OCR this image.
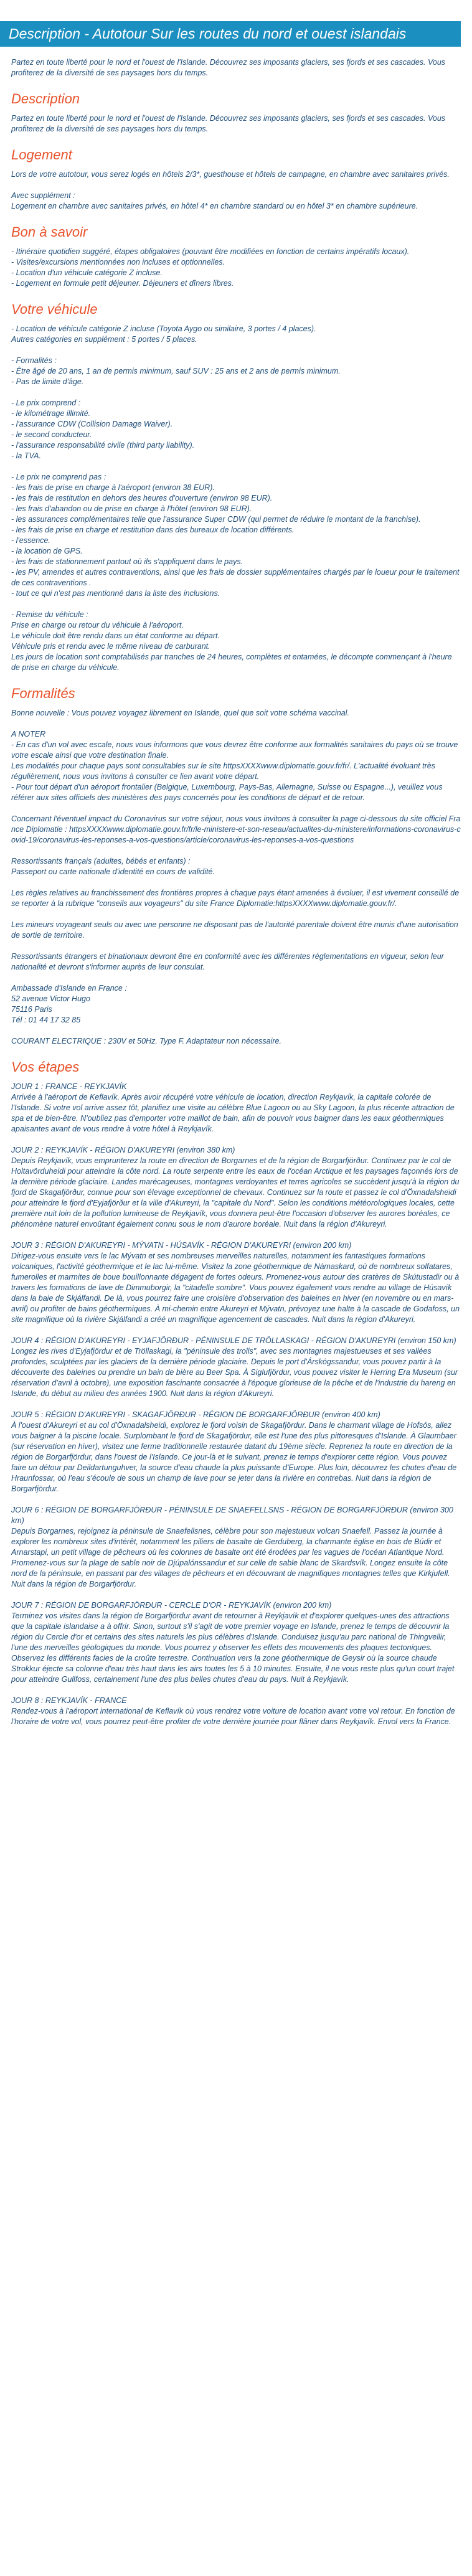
Description - Autotour Sur les routes du nord et ouest islandais

Partez en toute liberté pour le nord et l'ouest de l'Islande. Découvrez ses imposants glaciers, ses fjords et ses cascades. Vous profiterez de la diversité de ses paysages hors du temps.

Description

Partez en toute liberté pour le nord et l'ouest de l'Islande. Découvrez ses imposants glaciers, ses fjords et ses cascades. Vous profiterez de la diversité de ses paysages hors du temps.

Logement

Lors de votre autotour, vous serez logés en hôtels 2/3*, guesthouse et hôtels de campagne, en chambre avec sanitaires privés.

Avec supplément :
Logement en chambre avec sanitaires privés, en hôtel 4* en chambre standard ou en hôtel 3* en chambre supérieure.

Bon à savoir

- Itinéraire quotidien suggéré, étapes obligatoires (pouvant être modifiées en fonction de certains impératifs locaux).
- Visites/excursions mentionnées non incluses et optionnelles.
- Location d'un véhicule catégorie Z incluse.
- Logement en formule petit déjeuner. Déjeuners et dîners libres.

Votre véhicule

- Location de véhicule catégorie Z incluse (Toyota Aygo ou similaire, 3 portes / 4 places).
Autres catégories en supplément : 5 portes / 5 places.

- Formalités :
- Être âgé de 20 ans, 1 an de permis minimum, sauf SUV : 25 ans et 2 ans de permis minimum.
- Pas de limite d'âge.

- Le prix comprend :
- le kilométrage illimité.
- l'assurance CDW (Collision Damage Waiver).
- le second conducteur.
- l'assurance responsabilité civile (third party liability).
- la TVA.

- Le prix ne comprend pas :
- les frais de prise en charge à l'aéroport (environ 38 EUR).
- les frais de restitution en dehors des heures d'ouverture (environ 98 EUR).
- les frais d'abandon ou de prise en charge à l'hôtel (environ 98 EUR).
- les assurances complémentaires telle que l'assurance Super CDW (qui permet de réduire le montant de la franchise).
- les frais de prise en charge et restitution dans des bureaux de location différents.
- l'essence.
- la location de GPS.
- les frais de stationnement partout où ils s'appliquent dans le pays.
- les PV, amendes et autres contraventions, ainsi que les frais de dossier supplémentaires chargés par le loueur pour le traitement de ces contraventions .
- tout ce qui n'est pas mentionné dans la liste des inclusions.

- Remise du véhicule :
Prise en charge ou retour du véhicule à l'aéroport.
Le véhicule doit être rendu dans un état conforme au départ.
Véhicule pris et rendu avec le même niveau de carburant.
Les jours de location sont comptabilisés par tranches de 24 heures, complètes et entamées, le décompte commençant à l'heure de prise en charge du véhicule.

Formalités

Bonne nouvelle : Vous pouvez voyagez librement en Islande, quel que soit votre schéma vaccinal.

A NOTER
- En cas d'un vol avec escale, nous vous informons que vous devrez être conforme aux formalités sanitaires du pays où se trouve votre escale ainsi que votre destination finale.
Les modalités pour chaque pays sont consultables sur le site httpsXXXXwww.diplomatie.gouv.fr/fr/. L'actualité évoluant très régulièrement, nous vous invitons à consulter ce lien avant votre départ.
- Pour tout départ d'un aéroport frontalier (Belgique, Luxembourg, Pays-Bas, Allemagne, Suisse ou Espagne...), veuillez vous référer aux sites officiels des ministères des pays concernés pour les conditions de départ et de retour.

Concernant l'éventuel impact du Coronavirus sur votre séjour, nous vous invitons à consulter la page ci-dessous du site officiel France Diplomatie : httpsXXXXwww.diplomatie.gouv.fr/fr/le-ministere-et-son-reseau/actualites-du-ministere/informations-coronavirus-covid-19/coronavirus-les-reponses-a-vos-questions/article/coronavirus-les-reponses-a-vos-questions

Ressortissants français (adultes, bébés et enfants) :
Passeport ou carte nationale d'identité en cours de validité.

Les règles relatives au franchissement des frontières propres à chaque pays étant amenées à évoluer, il est vivement conseillé de se reporter à la rubrique "conseils aux voyageurs" du site France Diplomatie:httpsXXXXwww.diplomatie.gouv.fr/.

Les mineurs voyageant seuls ou avec une personne ne disposant pas de l'autorité parentale doivent être munis d'une autorisation de sortie de territoire.

Ressortissants étrangers et binationaux devront être en conformité avec les différentes réglementations en vigueur, selon leur nationalité et devront s'informer auprès de leur consulat.

Ambassade d'Islande en France :
52 avenue Victor Hugo
75116 Paris
Tél : 01 44 17 32 85

COURANT ELECTRIQUE : 230V et 50Hz. Type F. Adaptateur non nécessaire.

Vos étapes

JOUR 1 : FRANCE - REYKJAVÍK
Arrivée à l'aéroport de Keflavík. Après avoir récupéré votre véhicule de location, direction Reykjavík, la capitale colorée de l'Islande. Si votre vol arrive assez tôt, planifiez une visite au célèbre Blue Lagoon ou au Sky Lagoon, la plus récente attraction de spa et de bien-être. N'oubliez pas d'emporter votre maillot de bain, afin de pouvoir vous baigner dans les eaux géothermiques apaisantes avant de vous rendre à votre hôtel à Reykjavík.

JOUR 2 : REYKJAVÍK - RÉGION D'AKUREYRI (environ 380 km)
Depuis Reykjavík, vous emprunterez la route en direction de Borgarnes et de la région de Borgarfjörður. Continuez par le col de Holtavörduheidi pour atteindre la côte nord. La route serpente entre les eaux de l'océan Arctique et les paysages façonnés lors de la dernière période glaciaire. Landes marécageuses, montagnes verdoyantes et terres agricoles se succèdent jusqu'à la région du fjord de Skagafjörður, connue pour son élevage exceptionnel de chevaux. Continuez sur la route et passez le col d'Öxnadalsheidi pour atteindre le fjord d'Eyjafjörður et la ville d'Akureyri, la "capitale du Nord". Selon les conditions météorologiques locales, cette première nuit loin de la pollution lumineuse de Reykjavík, vous donnera peut-être l'occasion d'observer les aurores boréales, ce phénomène naturel envoûtant également connu sous le nom d'aurore boréale. Nuit dans la région d'Akureyri.

JOUR 3 : RÉGION D'AKUREYRI - MÝVATN - HÚSAVÍK - RÉGION D'AKUREYRI (environ 200 km)
Dirigez-vous ensuite vers le lac Mývatn et ses nombreuses merveilles naturelles, notamment les fantastiques formations volcaniques, l'activité géothermique et le lac lui-même. Visitez la zone géothermique de Námaskard, où de nombreux solfatares, fumerolles et marmites de boue bouillonnante dégagent de fortes odeurs. Promenez-vous autour des cratères de Skútustadir ou à travers les formations de lave de Dimmuborgir, la "citadelle sombre". Vous pouvez également vous rendre au village de Húsavík dans la baie de Skjálfandi. De là, vous pourrez faire une croisière d'observation des baleines en hiver (en novembre ou en mars-avril) ou profiter de bains géothermiques. À mi-chemin entre Akureyri et Mývatn, prévoyez une halte à la cascade de Godafoss, un site magnifique où la rivière Skjálfandi a créé un magnifique agencement de cascades. Nuit dans la région d'Akureyri.

JOUR 4 : RÉGION D'AKUREYRI - EYJAFJÖRÐUR - PÉNINSULE DE TRÖLLASKAGI - RÉGION D'AKUREYRI (environ 150 km)
Longez les rives d'Eyjafjördur et de Tröllaskagi, la "péninsule des trolls", avec ses montagnes majestueuses et ses vallées profondes, sculptées par les glaciers de la dernière période glaciaire. Depuis le port d'Árskógssandur, vous pouvez partir à la découverte des baleines ou prendre un bain de bière au Beer Spa. À Siglufjördur, vous pouvez visiter le Herring Era Museum (sur réservation d'avril à octobre), une exposition fascinante consacrée à l'époque glorieuse de la pêche et de l'industrie du hareng en Islande, du début au milieu des années 1900. Nuit dans la région d'Akureyri.

JOUR 5 : RÉGION D'AKUREYRI - SKAGAFJÖRÐUR - RÉGION DE BORGARFJÖRÐUR (environ 400 km)
À l'ouest d'Akureyri et au col d'Öxnadalsheidi, explorez le fjord voisin de Skagafjördur. Dans le charmant village de Hofsós, allez vous baigner à la piscine locale. Surplombant le fjord de Skagafjördur, elle est l'une des plus pittoresques d'Islande. À Glaumbaer (sur réservation en hiver), visitez une ferme traditionnelle restaurée datant du 19ème siècle. Reprenez la route en direction de la région de Borgarfjördur, dans l'ouest de l'Islande. Ce jour-là et le suivant, prenez le temps d'explorer cette région. Vous pouvez faire un détour par Deildartunguhver, la source d'eau chaude la plus puissante d'Europe. Plus loin, découvrez les chutes d'eau de Hraunfossar, où l'eau s'écoule de sous un champ de lave pour se jeter dans la rivière en contrebas. Nuit dans la région de Borgarfjördur.

JOUR 6 : RÉGION DE BORGARFJÖRÐUR - PÉNINSULE DE SNAEFELLSNS - RÉGION DE BORGARFJÖRÐUR (environ 300 km)
Depuis Borgarnes, rejoignez la péninsule de Snaefellsnes, célèbre pour son majestueux volcan Snaefell. Passez la journée à explorer les nombreux sites d'intérêt, notamment les piliers de basalte de Gerduberg, la charmante église en bois de Búdir et Arnarstapi, un petit village de pêcheurs où les colonnes de basalte ont été érodées par les vagues de l'océan Atlantique Nord. Promenez-vous sur la plage de sable noir de Djúpalónssandur et sur celle de sable blanc de Skardsvík. Longez ensuite la côte nord de la péninsule, en passant par des villages de pêcheurs et en découvrant de magnifiques montagnes telles que Kirkjufell. Nuit dans la région de Borgarfjördur.

JOUR 7 : RÉGION DE BORGARFJÖRÐUR - CERCLE D'OR - REYKJAVÍK (environ 200 km)
Terminez vos visites dans la région de Borgarfjördur avant de retourner à Reykjavík et d'explorer quelques-unes des attractions que la capitale islandaise a à offrir. Sinon, surtout s'il s'agit de votre premier voyage en Islande, prenez le temps de découvrir la région du Cercle d'or et certains des sites naturels les plus célèbres d'Islande. Conduisez jusqu'au parc national de Thingvellir, l'une des merveilles géologiques du monde. Vous pourrez y observer les effets des mouvements des plaques tectoniques. Observez les différents facies de la croûte terrestre. Continuation vers la zone géothermique de Geysir où la source chaude Strokkur éjecte sa colonne d'eau très haut dans les airs toutes les 5 à 10 minutes. Ensuite, il ne vous reste plus qu'un court trajet pour atteindre Gullfoss, certainement l'une des plus belles chutes d'eau du pays. Nuit à Reykjavík.

JOUR 8 : REYKJAVÍK - FRANCE
Rendez-vous à l'aéroport international de Keflavík où vous rendrez votre voiture de location avant votre vol retour. En fonction de l'horaire de votre vol, vous pourrez peut-être profiter de votre dernière journée pour flâner dans Reykjavík. Envol vers la France.
